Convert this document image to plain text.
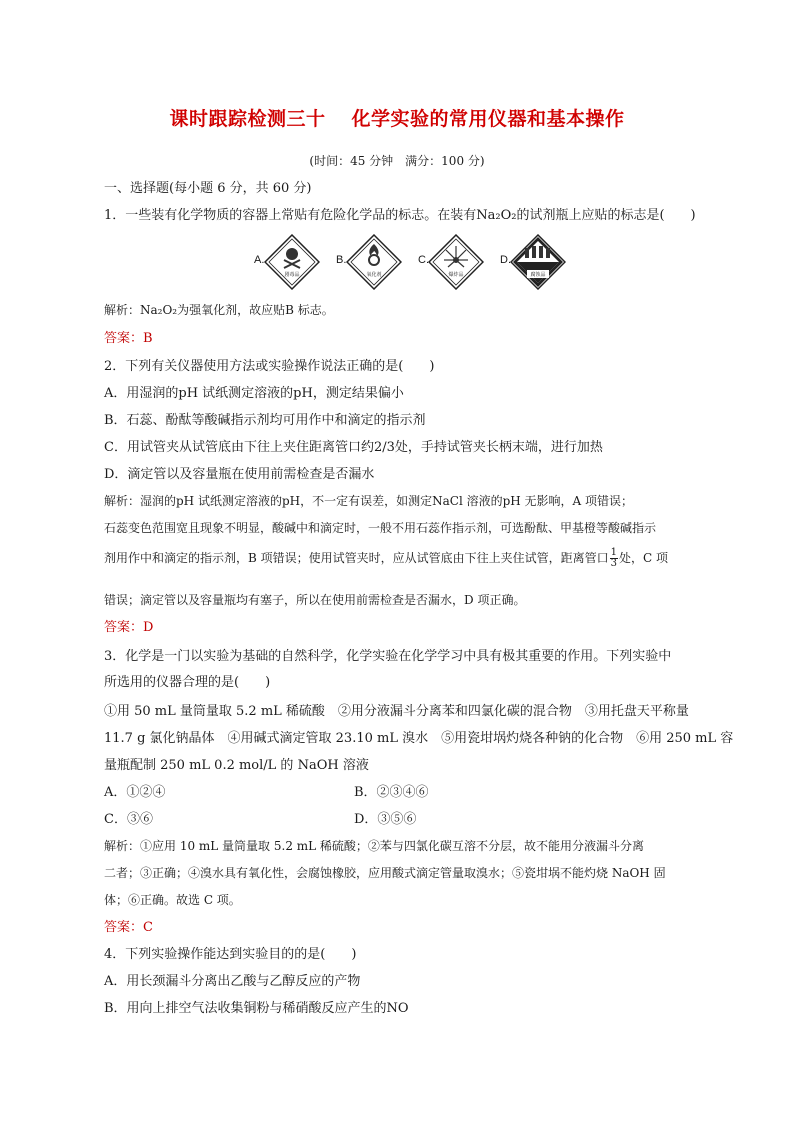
课时跟踪检测三十 化学实验的常用仪器和基本操作
(时间：45 分钟　满分：100 分)
一、选择题(每小题 6 分，共 60 分)
1．一些装有化学物质的容器上常贴有危险化学品的标志。在装有Na₂O₂的试剂瓶上应贴的标志是(　　)
A.
剧毒品
B.
氧化剂
C.
爆炸品
D.
腐蚀品
解析：Na₂O₂为强氧化剂，故应贴B 标志。
答案：B
2．下列有关仪器使用方法或实验操作说法正确的是(　　)
A．用湿润的pH 试纸测定溶液的pH，测定结果偏小
B．石蕊、酚酞等酸碱指示剂均可用作中和滴定的指示剂
C．用试管夹从试管底由下往上夹住距离管口约2/3处，手持试管夹长柄末端，进行加热
D．滴定管以及容量瓶在使用前需检查是否漏水
解析：湿润的pH 试纸测定溶液的pH，不一定有误差，如测定NaCl 溶液的pH 无影响，A 项错误；
石蕊变色范围宽且现象不明显，酸碱中和滴定时，一般不用石蕊作指示剂，可选酚酞、甲基橙等酸碱指示
剂用作中和滴定的指示剂，B 项错误；使用试管夹时，应从试管底由下往上夹住试管，距离管口 $\frac{1}{3}$ 处，C 项
错误；滴定管以及容量瓶均有塞子，所以在使用前需检查是否漏水，D 项正确。
答案：D
3．化学是一门以实验为基础的自然科学，化学实验在化学学习中具有极其重要的作用。下列实验中
所选用的仪器合理的是(　　)
①用 50 mL 量筒量取 5.2 mL 稀硫酸　②用分液漏斗分离苯和四氯化碳的混合物　③用托盘天平称量
11.7 g 氯化钠晶体　④用碱式滴定管取 23.10 mL 溴水　⑤用瓷坩埚灼烧各种钠的化合物　⑥用 250 mL 容
量瓶配制 250 mL 0.2 mol/L 的 NaOH 溶液
A．①②④	B．②③④⑥
C．③⑥	D．③⑤⑥
解析：①应用 10 mL 量筒量取 5.2 mL 稀硫酸；②苯与四氯化碳互溶不分层，故不能用分液漏斗分离
二者；③正确；④溴水具有氧化性，会腐蚀橡胶，应用酸式滴定管量取溴水；⑤瓷坩埚不能灼烧 NaOH 固
体；⑥正确。故选 C 项。
答案：C
4．下列实验操作能达到实验目的的是(　　)
A．用长颈漏斗分离出乙酸与乙醇反应的产物
B．用向上排空气法收集铜粉与稀硝酸反应产生的NO
